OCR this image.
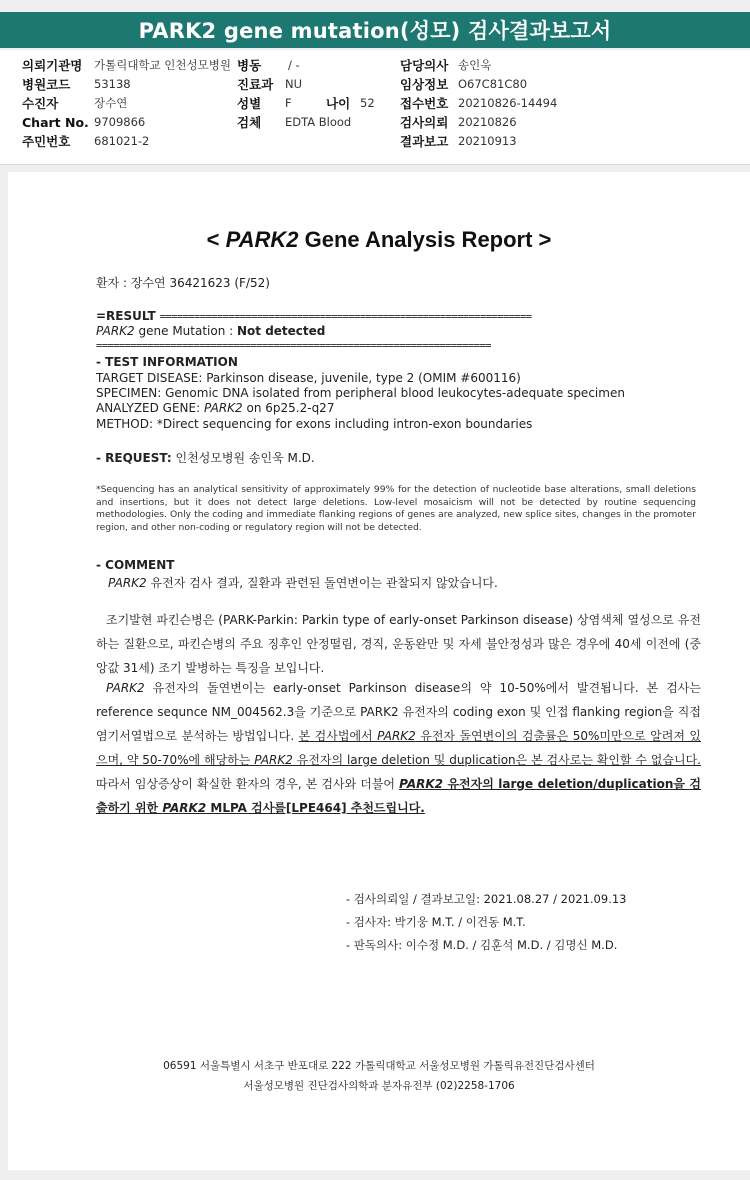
PARK2 gene mutation(성모) 검사결과보고서
의뢰기관명 가톨릭대학교 인천성모병원 병동 / -	담당의사 송인욱
병원코드 53138	진료과 NU	임상정보 O67C81C80
수진자	장수연	성별 F	나이 52 접수번호 20210826-14494
Chart No. 9709866	검체 EDTA Blood	검사의뢰 20210826
주민번호 681021-2	결과보고 20210913
< PARK2 Gene Analysis Report >
환자 : 장수연 36421623 (F/52)
=RESULT =================================================================
PARK2 gene Mutation : Not detected
=====================================================================
- TEST INFORMATION
TARGET DISEASE: Parkinson disease, juvenile, type 2 (OMIM #600116)
SPECIMEN: Genomic DNA isolated from peripheral blood leukocytes-adequate specimen
ANALYZED GENE: PARK2 on 6p25.2-q27
METHOD: *Direct sequencing for exons including intron-exon boundaries
- REQUEST: 인천성모병원 송인욱 M.D.
*Sequencing has an analytical sensitivity of approximately 99% for the detection of nucleotide base alterations, small deletions and insertions, but it does not detect large deletions. Low-level mosaicism will not be detected by routine sequencing methodologies. Only the coding and immediate flanking regions of genes are analyzed, new splice sites, changes in the promoter region, and other non-coding or regulatory region will not be detected.
- COMMENT
PARK2 유전자 검사 결과, 질환과 관련된 돌연변이는 관찰되지 않았습니다.
조기발현 파킨슨병은 (PARK-Parkin: Parkin type of early-onset Parkinson disease) 상염색체 열성으로 유전하는 질환으로, 파킨슨병의 주요 징후인 안정떨림, 경직, 운동완만 및 자세 불안정성과 많은 경우에 40세 이전에 (중앙값 31세) 조기 발병하는 특징을 보입니다.
PARK2 유전자의 돌연변이는 early-onset Parkinson disease의 약 10-50%에서 발견됩니다. 본 검사는 reference sequnce NM_004562.3을 기준으로 PARK2 유전자의 coding exon 및 인접 flanking region을 직접염기서열법으로 분석하는 방법입니다. 본 검사법에서 PARK2 유전자 돌연변이의 검출률은 50%미만으로 알려져 있으며, 약 50-70%에 해당하는 PARK2 유전자의 large deletion 및 duplication은 본 검사로는 확인할 수 없습니다. 따라서 임상증상이 확실한 환자의 경우, 본 검사와 더불어 PARK2 유전자의 large deletion/duplication을 검출하기 위한 PARK2 MLPA 검사를[LPE464] 추천드립니다.
- 검사의뢰일 / 결과보고일: 2021.08.27 / 2021.09.13
- 검사자: 박기웅 M.T. / 이건동 M.T.
- 판독의사: 이수정 M.D. / 김훈석 M.D. / 김명신 M.D.
06591 서울특별시 서초구 반포대로 222 가톨릭대학교 서울성모병원 가톨릭유전진단검사센터
서울성모병원 진단검사의학과 분자유전부 (02)2258-1706
